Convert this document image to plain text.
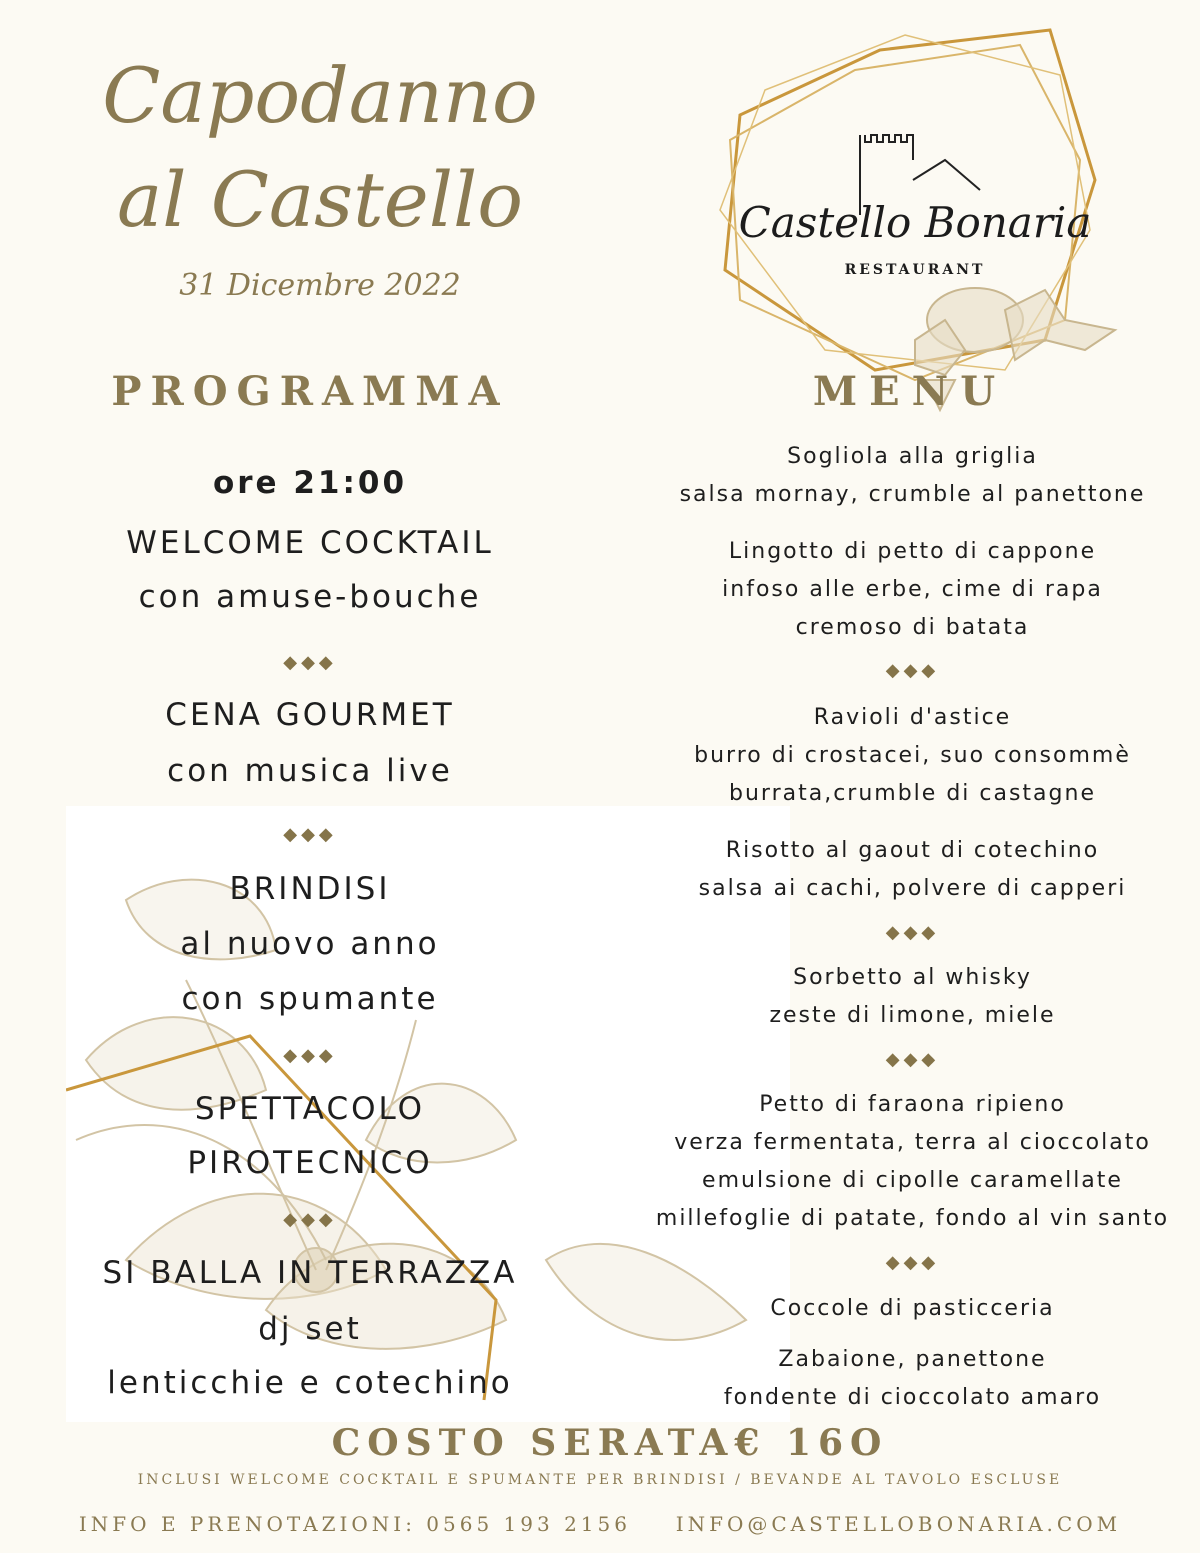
Capodanno
al Castello
31 Dicembre 2022
Castello Bonaria
RESTAURANT
PROGRAMMA
ore 21:00
WELCOME COCKTAIL
con amuse-bouche
◆◆◆
CENA GOURMET
con musica live
◆◆◆
BRINDISI
al nuovo anno
con spumante
◆◆◆
SPETTACOLO
PIROTECNICO
◆◆◆
SI BALLA IN TERRAZZA
dj set
lenticchie e cotechino
MENU
Sogliola alla griglia
salsa mornay, crumble al panettone
Lingotto di petto di cappone
infoso alle erbe, cime di rapa
cremoso di batata
◆◆◆
Ravioli d'astice
burro di crostacei, suo consommè
burrata,crumble di castagne
Risotto al gaout di cotechino
salsa ai cachi, polvere di capperi
◆◆◆
Sorbetto al whisky
zeste di limone, miele
◆◆◆
Petto di faraona ripieno
verza fermentata, terra al cioccolato
emulsione di cipolle caramellate
millefoglie di patate, fondo al vin santo
◆◆◆
Coccole di pasticceria
Zabaione, panettone
fondente di cioccolato amaro
COSTO SERATA€ 16O
INCLUSI WELCOME COCKTAIL E SPUMANTE PER BRINDISI / BEVANDE AL TAVOLO ESCLUSE
INFO E PRENOTAZIONI: 0565 193 2156 INFO@CASTELLOBONARIA.COM
